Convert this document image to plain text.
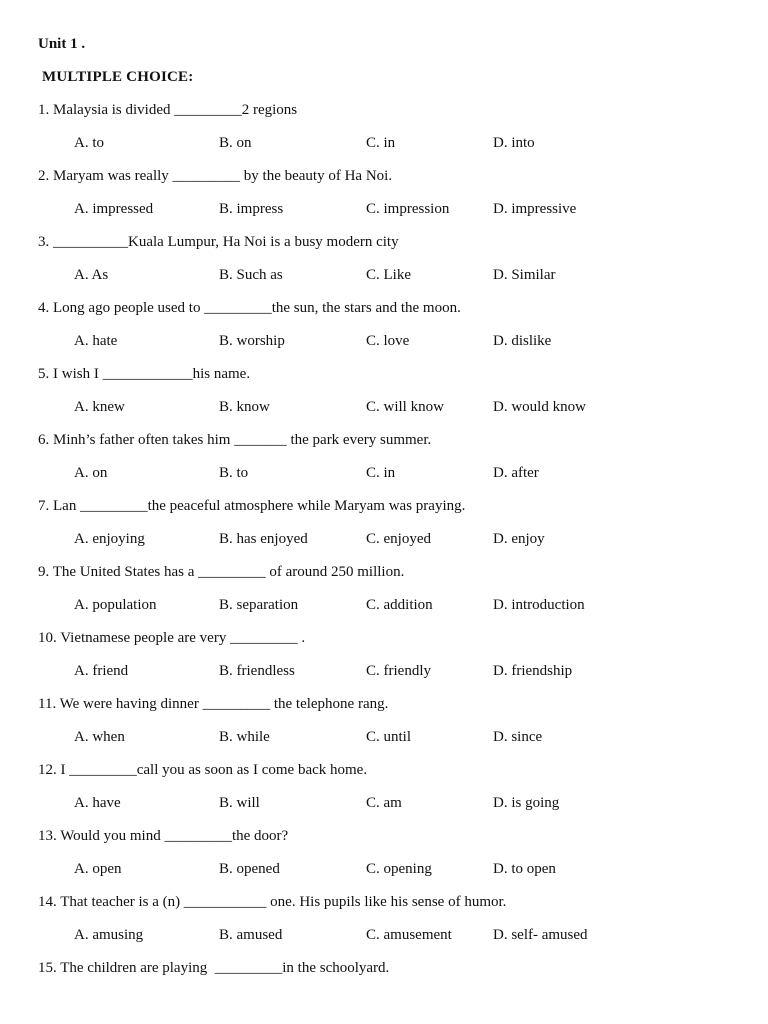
Unit 1 .
MULTIPLE CHOICE:
1. Malaysia is divided _________2 regions
A. to	B. on	C. in	D. into
2. Maryam was really _________ by the beauty of Ha Noi.
A. impressed	B. impress	C. impression	D. impressive
3. __________Kuala Lumpur, Ha Noi is a busy modern city
A. As	B. Such as	C. Like	D. Similar
4. Long ago people used to _________the sun, the stars and the moon.
A. hate	B. worship	C. love	D. dislike
5. I wish I ____________his name.
A. knew	B. know	C. will know	D. would know
6. Minh’s father often takes him _______ the park every summer.
A. on	B. to	C. in	D. after
7. Lan _________the peaceful atmosphere while Maryam was praying.
A. enjoying	B. has enjoyed	C. enjoyed	D. enjoy
9. The United States has a _________ of around 250 million.
A. population	B. separation	C. addition	D. introduction
10. Vietnamese people are very _________ .
A. friend	B. friendless	C. friendly	D. friendship
11. We were having dinner _________ the telephone rang.
A. when	B. while	C. until	D. since
12. I _________call you as soon as I come back home.
A. have	B. will	C. am	D. is going
13. Would you mind _________the door?
A. open	B. opened	C. opening	D. to open
14. That teacher is a (n) ___________ one. His pupils like his sense of humor.
A. amusing	B. amused	C. amusement	D. self- amused
15. The children are playing  _________in the schoolyard.
